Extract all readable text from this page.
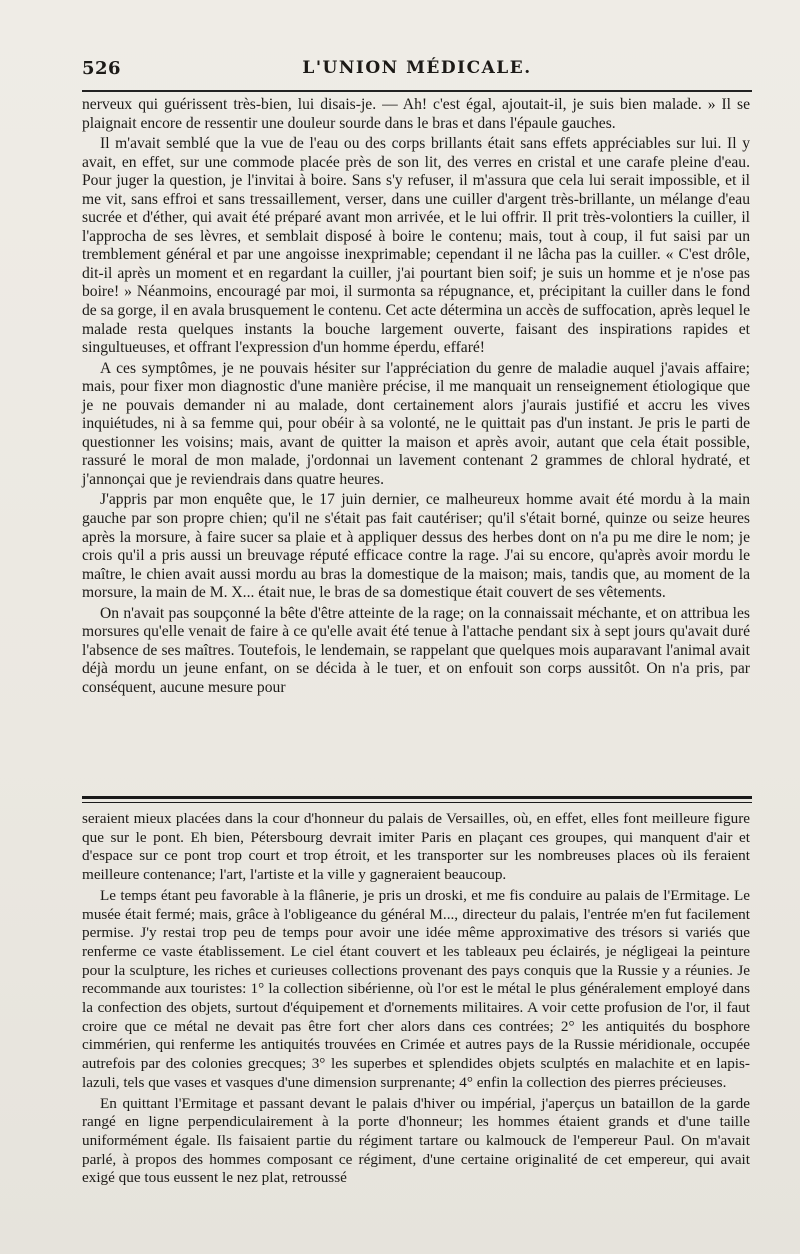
526	L'UNION MÉDICALE.

nerveux qui guérissent très-bien, lui disais-je. — Ah! c'est égal, ajoutait-il, je suis bien malade. » Il se plaignait encore de ressentir une douleur sourde dans le bras et dans l'épaule gauches.

Il m'avait semblé que la vue de l'eau ou des corps brillants était sans effets appréciables sur lui. Il y avait, en effet, sur une commode placée près de son lit, des verres en cristal et une carafe pleine d'eau. Pour juger la question, je l'invitai à boire. Sans s'y refuser, il m'assura que cela lui serait impossible, et il me vit, sans effroi et sans tressaillement, verser, dans une cuiller d'argent très-brillante, un mélange d'eau sucrée et d'éther, qui avait été préparé avant mon arrivée, et le lui offrir. Il prit très-volontiers la cuiller, il l'approcha de ses lèvres, et semblait disposé à boire le contenu; mais, tout à coup, il fut saisi par un tremblement général et par une angoisse inexprimable; cependant il ne lâcha pas la cuiller. « C'est drôle, dit-il après un moment et en regardant la cuiller, j'ai pourtant bien soif; je suis un homme et je n'ose pas boire! » Néanmoins, encouragé par moi, il surmonta sa répugnance, et, précipitant la cuiller dans le fond de sa gorge, il en avala brusquement le contenu. Cet acte détermina un accès de suffocation, après lequel le malade resta quelques instants la bouche largement ouverte, faisant des inspirations rapides et singultueuses, et offrant l'expression d'un homme éperdu, effaré!

A ces symptômes, je ne pouvais hésiter sur l'appréciation du genre de maladie auquel j'avais affaire; mais, pour fixer mon diagnostic d'une manière précise, il me manquait un renseignement étiologique que je ne pouvais demander ni au malade, dont certainement alors j'aurais justifié et accru les vives inquiétudes, ni à sa femme qui, pour obéir à sa volonté, ne le quittait pas d'un instant. Je pris le parti de questionner les voisins; mais, avant de quitter la maison et après avoir, autant que cela était possible, rassuré le moral de mon malade, j'ordonnai un lavement contenant 2 grammes de chloral hydraté, et j'annonçai que je reviendrais dans quatre heures.

J'appris par mon enquête que, le 17 juin dernier, ce malheureux homme avait été mordu à la main gauche par son propre chien; qu'il ne s'était pas fait cautériser; qu'il s'était borné, quinze ou seize heures après la morsure, à faire sucer sa plaie et à appliquer dessus des herbes dont on n'a pu me dire le nom; je crois qu'il a pris aussi un breuvage réputé efficace contre la rage. J'ai su encore, qu'après avoir mordu le maître, le chien avait aussi mordu au bras la domestique de la maison; mais, tandis que, au moment de la morsure, la main de M. X... était nue, le bras de sa domestique était couvert de ses vêtements.

On n'avait pas soupçonné la bête d'être atteinte de la rage; on la connaissait méchante, et on attribua les morsures qu'elle venait de faire à ce qu'elle avait été tenue à l'attache pendant six à sept jours qu'avait duré l'absence de ses maîtres. Toutefois, le lendemain, se rappelant que quelques mois auparavant l'animal avait déjà mordu un jeune enfant, on se décida à le tuer, et on enfouit son corps aussitôt. On n'a pris, par conséquent, aucune mesure pour

seraient mieux placées dans la cour d'honneur du palais de Versailles, où, en effet, elles font meilleure figure que sur le pont. Eh bien, Pétersbourg devrait imiter Paris en plaçant ces groupes, qui manquent d'air et d'espace sur ce pont trop court et trop étroit, et les transporter sur les nombreuses places où ils feraient meilleure contenance; l'art, l'artiste et la ville y gagneraient beaucoup.

Le temps étant peu favorable à la flânerie, je pris un droski, et me fis conduire au palais de l'Ermitage. Le musée était fermé; mais, grâce à l'obligeance du général M..., directeur du palais, l'entrée m'en fut facilement permise. J'y restai trop peu de temps pour avoir une idée même approximative des trésors si variés que renferme ce vaste établissement. Le ciel étant couvert et les tableaux peu éclairés, je négligeai la peinture pour la sculpture, les riches et curieuses collections provenant des pays conquis que la Russie y a réunies. Je recommande aux touristes: 1° la collection sibérienne, où l'or est le métal le plus généralement employé dans la confection des objets, surtout d'équipement et d'ornements militaires. A voir cette profusion de l'or, il faut croire que ce métal ne devait pas être fort cher alors dans ces contrées; 2° les antiquités du bosphore cimmérien, qui renferme les antiquités trouvées en Crimée et autres pays de la Russie méridionale, occupée autrefois par des colonies grecques; 3° les superbes et splendides objets sculptés en malachite et en lapis-lazuli, tels que vases et vasques d'une dimension surprenante; 4° enfin la collection des pierres précieuses.

En quittant l'Ermitage et passant devant le palais d'hiver ou impérial, j'aperçus un bataillon de la garde rangé en ligne perpendiculairement à la porte d'honneur; les hommes étaient grands et d'une taille uniformément égale. Ils faisaient partie du régiment tartare ou kalmouck de l'empereur Paul. On m'avait parlé, à propos des hommes composant ce régiment, d'une certaine originalité de cet empereur, qui avait exigé que tous eussent le nez plat, retroussé
